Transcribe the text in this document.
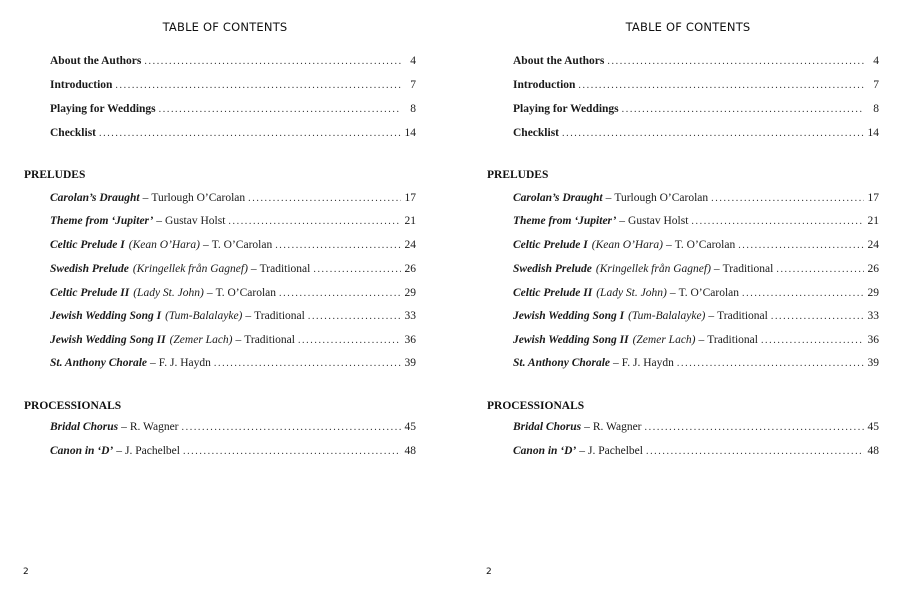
TABLE OF CONTENTS
About the Authors .....	4
Introduction .....	7
Playing for Weddings .....	8
Checklist .....	14
PRELUDES
Carolan’s Draught – Turlough O’Carolan .....	17
Theme from ‘Jupiter’ – Gustav Holst .....	21
Celtic Prelude I (Kean O’Hara) – T. O’Carolan .....	24
Swedish Prelude (Kringellek från Gagnef) – Traditional .....	26
Celtic Prelude II (Lady St. John) – T. O’Carolan .....	29
Jewish Wedding Song I (Tum-Balalayke) – Traditional .....	33
Jewish Wedding Song II (Zemer Lach) – Traditional .....	36
St. Anthony Chorale – F. J. Haydn .....	39
PROCESSIONALS
Bridal Chorus – R. Wagner .....	45
Canon in ‘D’ – J. Pachelbel .....	48
2
TABLE OF CONTENTS
About the Authors .....	4
Introduction .....	7
Playing for Weddings .....	8
Checklist .....	14
PRELUDES
Carolan’s Draught – Turlough O’Carolan .....	17
Theme from ‘Jupiter’ – Gustav Holst .....	21
Celtic Prelude I (Kean O’Hara) – T. O’Carolan .....	24
Swedish Prelude (Kringellek från Gagnef) – Traditional .....	26
Celtic Prelude II (Lady St. John) – T. O’Carolan .....	29
Jewish Wedding Song I (Tum-Balalayke) – Traditional .....	33
Jewish Wedding Song II (Zemer Lach) – Traditional .....	36
St. Anthony Chorale – F. J. Haydn .....	39
PROCESSIONALS
Bridal Chorus – R. Wagner .....	45
Canon in ‘D’ – J. Pachelbel .....	48
2
